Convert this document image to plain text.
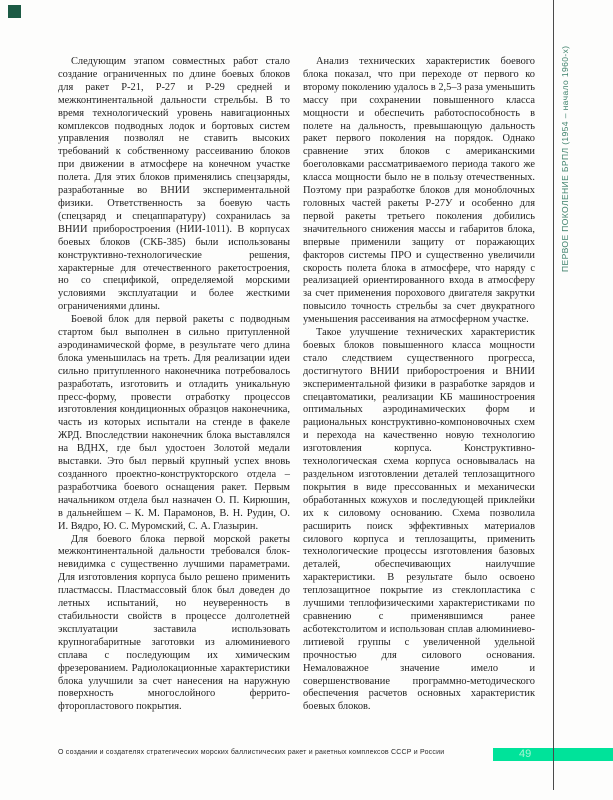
Следующим этапом совместных работ стало создание ограниченных по длине боевых блоков для ракет Р-21, Р-27 и Р-29 средней и межконтинентальной дальности стрельбы. В то время технологический уровень навигационных комплексов подводных лодок и бортовых систем управления позволял не ставить высоких требований к собственному рассеиванию блоков при движении в атмосфере на конечном участке полета. Для этих блоков применялись спецзаряды, разработанные во ВНИИ экспериментальной физики. Ответственность за боевую часть (спецзаряд и спецаппаратуру) сохранилась за ВНИИ приборостроения (НИИ-1011). В корпусах боевых блоков (СКБ-385) были использованы конструктивно-технологические решения, характерные для отечественного ракетостроения, но со спецификой, определяемой морскими условиями эксплуатации и более жесткими ограничениями длины.

Боевой блок для первой ракеты с подводным стартом был выполнен в сильно притупленной аэродинамической форме, в результате чего длина блока уменьшилась на треть. Для реализации идеи сильно притупленного наконечника потребовалось разработать, изготовить и отладить уникальную пресс-форму, провести отработку процессов изготовления кондиционных образцов наконечника, часть из которых испытали на стенде в факеле ЖРД. Впоследствии наконечник блока выставлялся на ВДНХ, где был удостоен Золотой медали выставки. Это был первый крупный успех вновь созданного проектно-конструкторского отдела – разработчика боевого оснащения ракет. Первым начальником отдела был назначен О. П. Кирюшин, в дальнейшем – К. М. Парамонов, В. Н. Рудин, О. И. Вядро, Ю. С. Муромский, С. А. Глазырин.

Для боевого блока первой морской ракеты межконтинентальной дальности требовался блок-невидимка с существенно лучшими параметрами. Для изготовления корпуса было решено применить пластмассы. Пластмассовый блок был доведен до летных испытаний, но неуверенность в стабильности свойств в процессе долголетней эксплуатации заставила использовать крупногабаритные заготовки из алюминиевого сплава с последующим их химическим фрезерованием. Радиолокационные характеристики блока улучшили за счет нанесения на наружную поверхность многослойного феррито-фторопластового покрытия.

Анализ технических характеристик боевого блока показал, что при переходе от первого ко второму поколению удалось в 2,5–3 раза уменьшить массу при сохранении повышенного класса мощности и обеспечить работоспособность в полете на дальность, превышающую дальность ракет первого поколения на порядок. Однако сравнение этих блоков с американскими боеголовками рассматриваемого периода такого же класса мощности было не в пользу отечественных. Поэтому при разработке блоков для моноблочных головных частей ракеты Р-27У и особенно для первой ракеты третьего поколения добились значительного снижения массы и габаритов блока, впервые применили защиту от поражающих факторов системы ПРО и существенно увеличили скорость полета блока в атмосфере, что наряду с реализацией ориентированного входа в атмосферу за счет применения порохового двигателя закрутки повысило точность стрельбы за счет двукратного уменьшения рассеивания на атмосферном участке.

Такое улучшение технических характеристик боевых блоков повышенного класса мощности стало следствием существенного прогресса, достигнутого ВНИИ приборостроения и ВНИИ экспериментальной физики в разработке зарядов и спецавтоматики, реализации КБ машиностроения оптимальных аэродинамических форм и рациональных конструктивно-компоновочных схем и перехода на качественно новую технологию изготовления корпуса. Конструктивно-технологическая схема корпуса основывалась на раздельном изготовлении деталей теплозащитного покрытия в виде прессованных и механически обработанных кожухов и последующей приклейки их к силовому основанию. Схема позволила расширить поиск эффективных материалов силового корпуса и теплозащиты, применить технологические процессы изготовления базовых деталей, обеспечивающих наилучшие характеристики. В результате было освоено теплозащитное покрытие из стеклопластика с лучшими теплофизическими характеристиками по сравнению с применявшимся ранее асботекстолитом и использован сплав алюминиево-литиевой группы с увеличенной удельной прочностью для силового основания. Немаловажное значение имело и совершенствование программно-методического обеспечения расчетов основных характеристик боевых блоков.

ПЕРВОЕ ПОКОЛЕНИЕ БРПЛ (1954 – начало 1960-х)
О создании и создателях стратегических морских баллистических ракет и ракетных комплексов СССР и России	49
